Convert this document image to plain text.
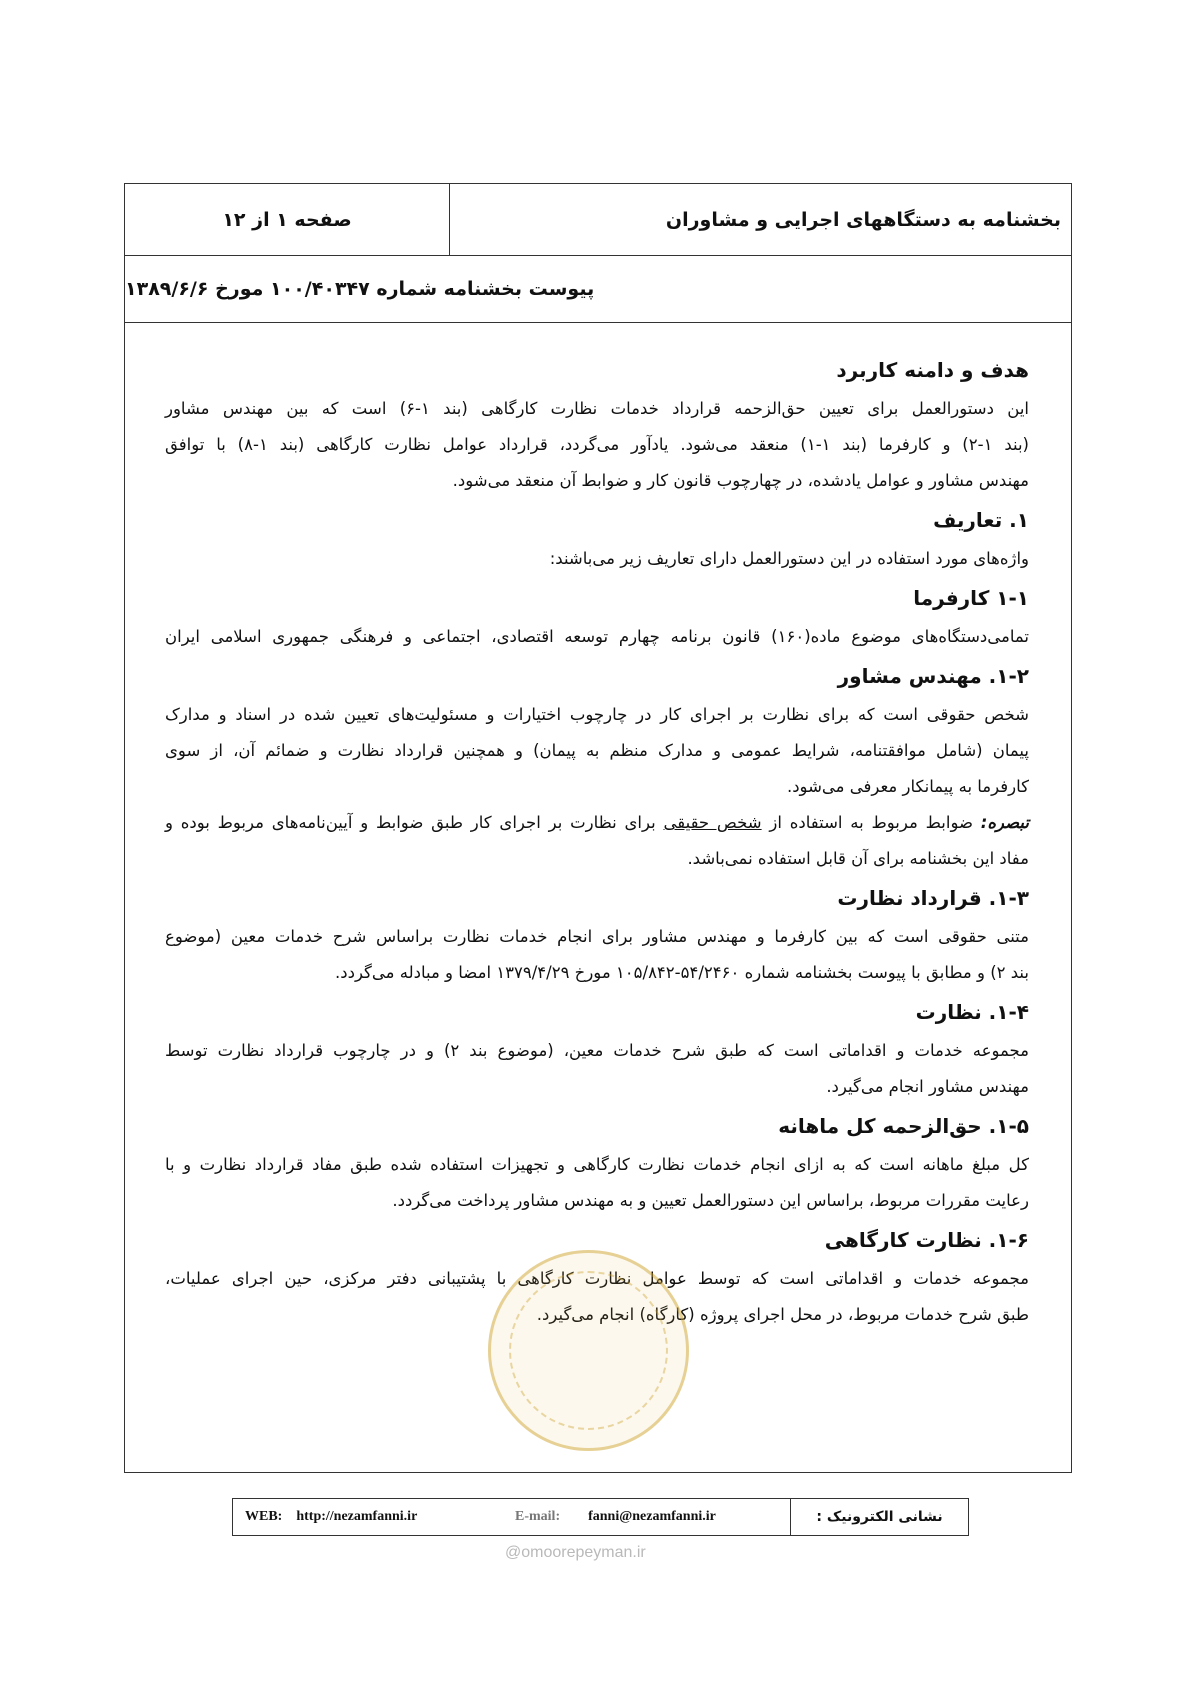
صفحه ۱ از ۱۲	بخشنامه به دستگاههای اجرایی و مشاوران
پیوست بخشنامه شماره ۱۰۰/۴۰۳۴۷ مورخ ۱۳۸۹/۶/۶
هدف و دامنه کاربرد

این دستورالعمل برای تعیین حق‌الزحمه قرارداد خدمات نظارت کارگاهی (بند ۱-۶) است که بین مهندس مشاور

(بند ۱-۲) و کارفرما (بند ۱-۱) منعقد می‌شود. یادآور می‌گردد، قرارداد عوامل نظارت کارگاهی (بند ۱-۸) با توافق

مهندس مشاور و عوامل یادشده، در چهارچوب قانون کار و ضوابط آن منعقد می‌شود.

۱. تعاریف

واژه‌های مورد استفاده در این دستورالعمل دارای تعاریف زیر می‌باشند:

۱-۱ کارفرما

تمامی‌دستگاه‌های موضوع ماده(۱۶۰) قانون برنامه چهارم توسعه اقتصادی، اجتماعی و فرهنگی جمهوری اسلامی ایران

۱-۲. مهندس مشاور

شخص حقوقی است که برای نظارت بر اجرای کار در چارچوب اختیارات و مسئولیت‌های تعیین شده در اسناد و مدارک

پیمان (شامل موافقتنامه، شرایط عمومی و مدارک منظم به پیمان) و همچنین قرارداد نظارت و ضمائم آن، از سوی

کارفرما به پیمانکار معرفی می‌شود.

تبصره: ضوابط مربوط به استفاده از شخص حقیقی برای نظارت بر اجرای کار طبق ضوابط و آیین‌نامه‌های مربوط بوده و

مفاد این بخشنامه برای آن قابل استفاده نمی‌باشد.

۱-۳. قرارداد نظارت

متنی حقوقی است که بین کارفرما و مهندس مشاور برای انجام خدمات نظارت براساس شرح خدمات معین (موضوع

بند ۲) و مطابق با پیوست بخشنامه شماره ۵۴/۲۴۶۰-۱۰۵/۸۴۲ مورخ ۱۳۷۹/۴/۲۹ امضا و مبادله می‌گردد.

۱-۴. نظارت

مجموعه خدمات و اقداماتی است که طبق شرح خدمات معین، (موضوع بند ۲) و در چارچوب قرارداد نظارت توسط

مهندس مشاور انجام می‌گیرد.

۱-۵. حق‌الزحمه کل ماهانه

کل مبلغ ماهانه است که به ازای انجام خدمات نظارت کارگاهی و تجهیزات استفاده شده طبق مفاد قرارداد نظارت و با

رعایت مقررات مربوط، براساس این دستورالعمل تعیین و به مهندس مشاور پرداخت می‌گردد.

۱-۶. نظارت کارگاهی

مجموعه خدمات و اقداماتی است که توسط عوامل نظارت کارگاهی با پشتیبانی دفتر مرکزی، حین اجرای عملیات،

طبق شرح خدمات مربوط، در محل اجرای پروژه (کارگاه) انجام می‌گیرد.

نشانی الکترونیک :
E-mail: fanni@nezamfanni.ir
WEB: http://nezamfanni.ir
@omoorepeyman.ir
